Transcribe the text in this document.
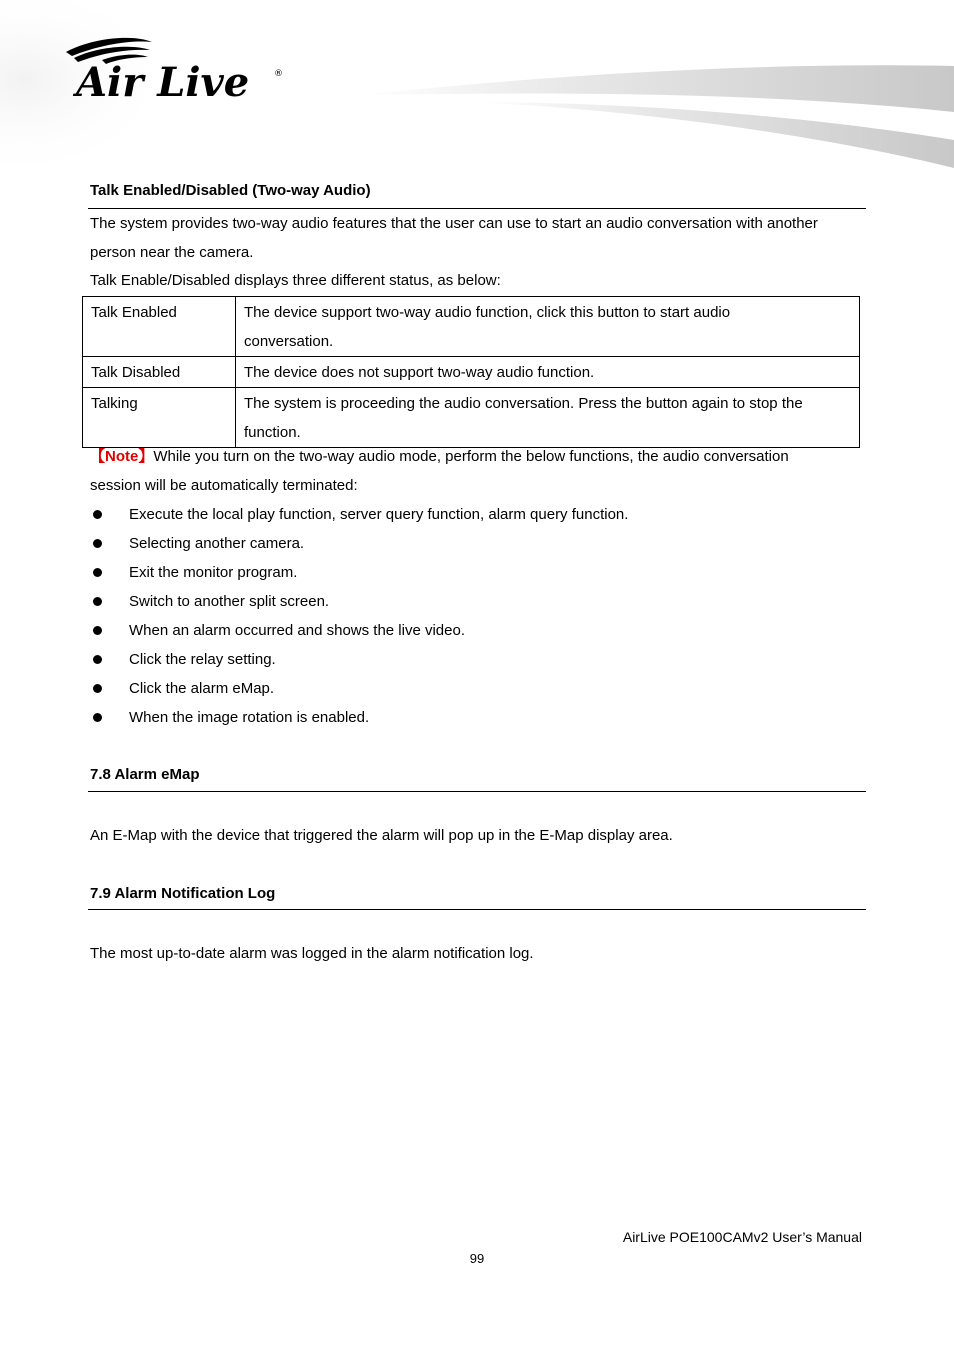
Air Live	®
Talk Enabled/Disabled (Two-way Audio)
The system provides two-way audio features that the user can use to start an audio conversation with another
person near the camera.
Talk Enable/Disabled displays three different status, as below:
Talk Enabled	The device support two-way audio function, click this button to start audio
conversation.

Talk Disabled	The device does not support two-way audio function.

Talking	The system is proceeding the audio conversation. Press the button again to stop the
function.
【Note】While you turn on the two-way audio mode, perform the below functions, the audio conversation
session will be automatically terminated:
Execute the local play function, server query function, alarm query function.
Selecting another camera.
Exit the monitor program.
Switch to another split screen.
When an alarm occurred and shows the live video.
Click the relay setting.
Click the alarm eMap.
When the image rotation is enabled.
7.8 Alarm eMap
An E-Map with the device that triggered the alarm will pop up in the E-Map display area.
7.9 Alarm Notification Log
The most up-to-date alarm was logged in the alarm notification log.
AirLive POE100CAMv2 User’s Manual
99
